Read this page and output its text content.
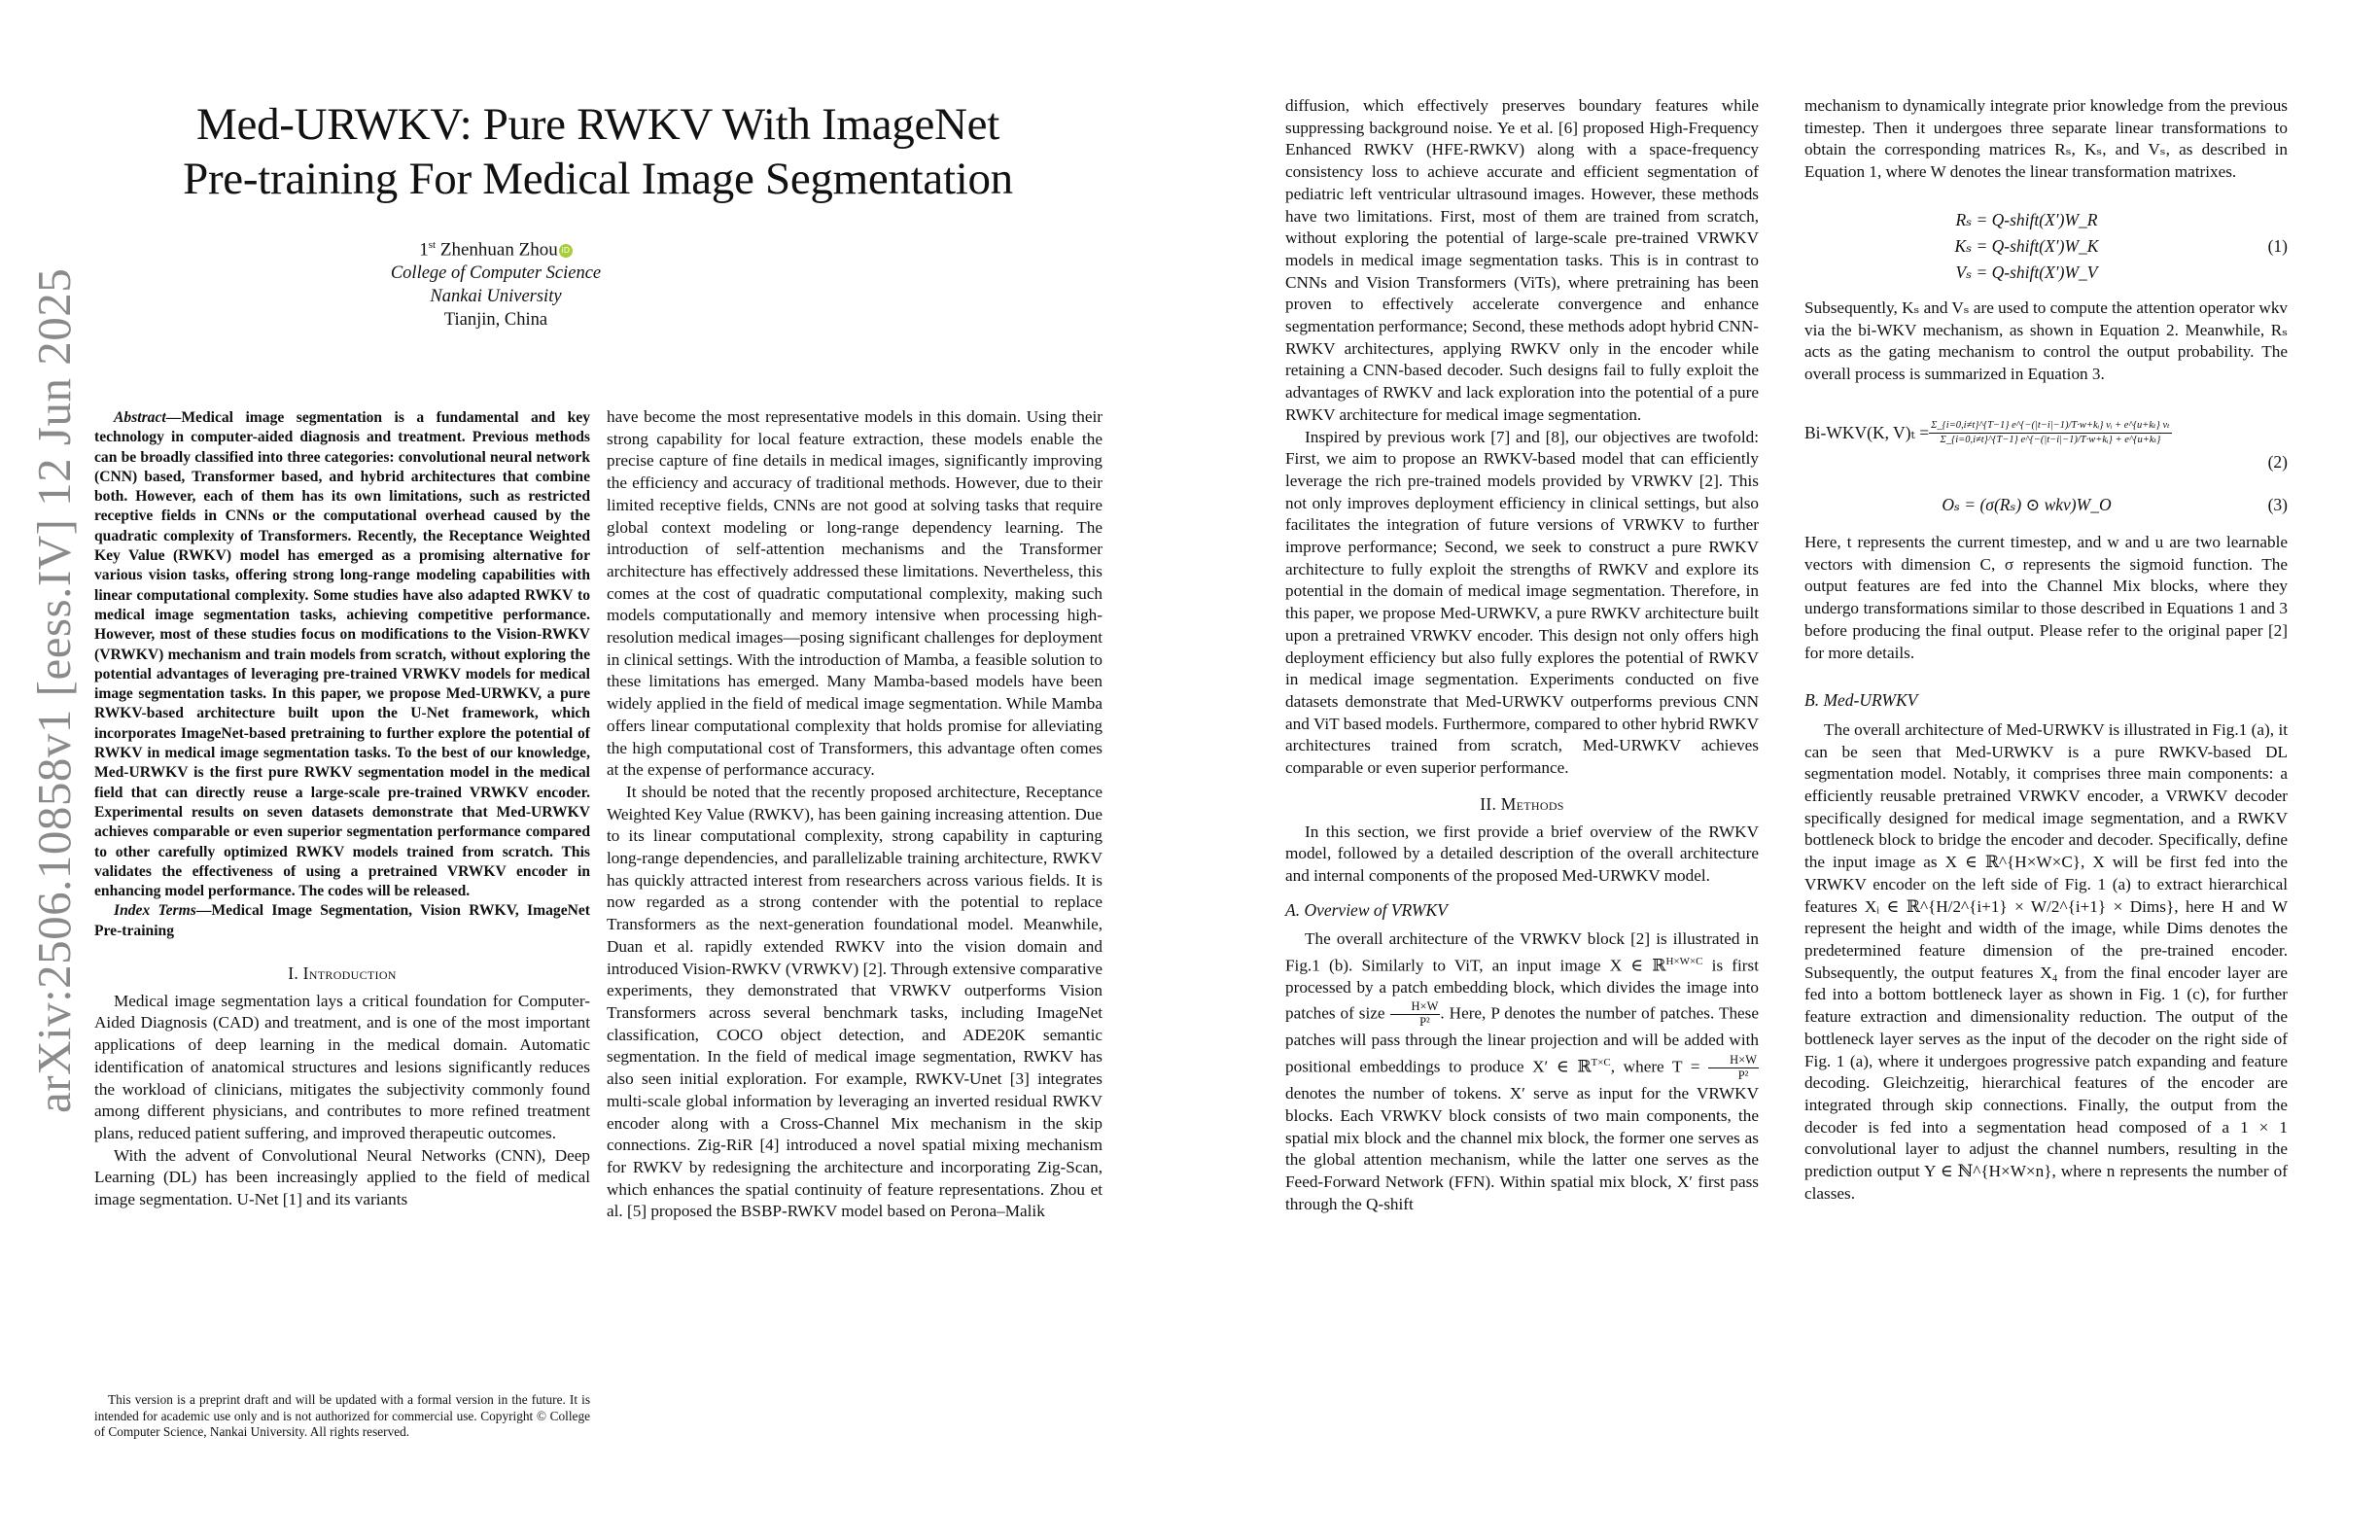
arXiv:2506.10858v1 [eess.IV] 12 Jun 2025
Med-URWKV: Pure RWKV With ImageNet
Pre-training For Medical Image Segmentation
1st Zhenhuan Zhou iD
College of Computer Science
Nankai University
Tianjin, China

Abstract—Medical image segmentation is a fundamental and key technology in computer-aided diagnosis and treatment. Previous methods can be broadly classified into three categories: convolutional neural network (CNN) based, Transformer based, and hybrid architectures that combine both. However, each of them has its own limitations, such as restricted receptive fields in CNNs or the computational overhead caused by the quadratic complexity of Transformers. Recently, the Receptance Weighted Key Value (RWKV) model has emerged as a promising alternative for various vision tasks, offering strong long-range modeling capabilities with linear computational complexity. Some studies have also adapted RWKV to medical image segmentation tasks, achieving competitive performance. However, most of these studies focus on modifications to the Vision-RWKV (VRWKV) mechanism and train models from scratch, without exploring the potential advantages of leveraging pre-trained VRWKV models for medical image segmentation tasks. In this paper, we propose Med-URWKV, a pure RWKV-based architecture built upon the U-Net framework, which incorporates ImageNet-based pretraining to further explore the potential of RWKV in medical image segmentation tasks. To the best of our knowledge, Med-URWKV is the first pure RWKV segmentation model in the medical field that can directly reuse a large-scale pre-trained VRWKV encoder. Experimental results on seven datasets demonstrate that Med-URWKV achieves comparable or even superior segmentation performance compared to other carefully optimized RWKV models trained from scratch. This validates the effectiveness of using a pretrained VRWKV encoder in enhancing model performance. The codes will be released.

Index Terms—Medical Image Segmentation, Vision RWKV, ImageNet Pre-training

I. Introduction

Medical image segmentation lays a critical foundation for Computer-Aided Diagnosis (CAD) and treatment, and is one of the most important applications of deep learning in the medical domain. Automatic identification of anatomical structures and lesions significantly reduces the workload of clinicians, mitigates the subjectivity commonly found among different physicians, and contributes to more refined treatment plans, reduced patient suffering, and improved therapeutic outcomes.

With the advent of Convolutional Neural Networks (CNN), Deep Learning (DL) has been increasingly applied to the field of medical image segmentation. U-Net [1] and its variants

This version is a preprint draft and will be updated with a formal version in the future. It is intended for academic use only and is not authorized for commercial use. Copyright © College of Computer Science, Nankai University. All rights reserved.

have become the most representative models in this domain. Using their strong capability for local feature extraction, these models enable the precise capture of fine details in medical images, significantly improving the efficiency and accuracy of traditional methods. However, due to their limited receptive fields, CNNs are not good at solving tasks that require global context modeling or long-range dependency learning. The introduction of self-attention mechanisms and the Transformer architecture has effectively addressed these limitations. Nevertheless, this comes at the cost of quadratic computational complexity, making such models computationally and memory intensive when processing high-resolution medical images—posing significant challenges for deployment in clinical settings. With the introduction of Mamba, a feasible solution to these limitations has emerged. Many Mamba-based models have been widely applied in the field of medical image segmentation. While Mamba offers linear computational complexity that holds promise for alleviating the high computational cost of Transformers, this advantage often comes at the expense of performance accuracy.

It should be noted that the recently proposed architecture, Receptance Weighted Key Value (RWKV), has been gaining increasing attention. Due to its linear computational complexity, strong capability in capturing long-range dependencies, and parallelizable training architecture, RWKV has quickly attracted interest from researchers across various fields. It is now regarded as a strong contender with the potential to replace Transformers as the next-generation foundational model. Meanwhile, Duan et al. rapidly extended RWKV into the vision domain and introduced Vision-RWKV (VRWKV) [2]. Through extensive comparative experiments, they demonstrated that VRWKV outperforms Vision Transformers across several benchmark tasks, including ImageNet classification, COCO object detection, and ADE20K semantic segmentation. In the field of medical image segmentation, RWKV has also seen initial exploration. For example, RWKV-Unet [3] integrates multi-scale global information by leveraging an inverted residual RWKV encoder along with a Cross-Channel Mix mechanism in the skip connections. Zig-RiR [4] introduced a novel spatial mixing mechanism for RWKV by redesigning the architecture and incorporating Zig-Scan, which enhances the spatial continuity of feature representations. Zhou et al. [5] proposed the BSBP-RWKV model based on Perona–Malik

diffusion, which effectively preserves boundary features while suppressing background noise. Ye et al. [6] proposed High-Frequency Enhanced RWKV (HFE-RWKV) along with a space-frequency consistency loss to achieve accurate and efficient segmentation of pediatric left ventricular ultrasound images. However, these methods have two limitations. First, most of them are trained from scratch, without exploring the potential of large-scale pre-trained VRWKV models in medical image segmentation tasks. This is in contrast to CNNs and Vision Transformers (ViTs), where pretraining has been proven to effectively accelerate convergence and enhance segmentation performance; Second, these methods adopt hybrid CNN-RWKV architectures, applying RWKV only in the encoder while retaining a CNN-based decoder. Such designs fail to fully exploit the advantages of RWKV and lack exploration into the potential of a pure RWKV architecture for medical image segmentation.

Inspired by previous work [7] and [8], our objectives are twofold: First, we aim to propose an RWKV-based model that can efficiently leverage the rich pre-trained models provided by VRWKV [2]. This not only improves deployment efficiency in clinical settings, but also facilitates the integration of future versions of VRWKV to further improve performance; Second, we seek to construct a pure RWKV architecture to fully exploit the strengths of RWKV and explore its potential in the domain of medical image segmentation. Therefore, in this paper, we propose Med-URWKV, a pure RWKV architecture built upon a pretrained VRWKV encoder. This design not only offers high deployment efficiency but also fully explores the potential of RWKV in medical image segmentation. Experiments conducted on five datasets demonstrate that Med-URWKV outperforms previous CNN and ViT based models. Furthermore, compared to other hybrid RWKV architectures trained from scratch, Med-URWKV achieves comparable or even superior performance.

II. Methods

In this section, we first provide a brief overview of the RWKV model, followed by a detailed description of the overall architecture and internal components of the proposed Med-URWKV model.

A. Overview of VRWKV

The overall architecture of the VRWKV block [2] is illustrated in Fig.1 (b). Similarly to ViT, an input image X ∈ ℝ$^{H\times W\times C}$ is first processed by a patch embedding block, which divides the image into patches of size $\frac{H\times W}{\text{P²}}$ . Here, P denotes the number of patches. These patches will pass through the linear projection and will be added with positional embeddings to produce X′ ∈ ℝ$^{T\times C}$, where $T = \frac{H\times W}{\text{P²}}$
denotes the number of tokens. X′ serve as input for the VRWKV blocks. Each VRWKV block consists of two main components, the spatial mix block and the channel mix block, the former one serves as the global attention mechanism, while the latter one serves as the Feed-Forward Network (FFN). Within spatial mix block, X′ first pass through the Q-shift

mechanism to dynamically integrate prior knowledge from the previous timestep. Then it undergoes three separate linear transformations to obtain the corresponding matrices Rₛ, Kₛ, and Vₛ, as described in Equation 1, where W denotes the linear transformation matrixes.

Rₛ = Q-shift(X′)W_R
Kₛ = Q-shift(X′)W_K
Vₛ = Q-shift(X′)W_V
(1)

Subsequently, Kₛ and Vₛ are used to compute the attention operator wkv via the bi-WKV mechanism, as shown in Equation 2. Meanwhile, Rₛ acts as the gating mechanism to control the output probability. The overall process is summarized in Equation 3.

Bi-WKV(K, $V)_t = \frac{\text{Σ\_\{i=0,i≠t\}\textasciicircum{}\{T−1\} e\textasciicircum{}\{−(|t−i|−1)/T·w+kᵢ\} vᵢ + e\textasciicircum{}\{u+kₜ\} vₜ}}{\text{Σ\_\{i=0,i≠t\}\textasciicircum{}\{T−1\} e\textasciicircum{}\{−(|t−i|−1)/T·w+kᵢ\} + e\textasciicircum{}\{u+kₜ\}}}$
(2)
Oₛ = (σ(Rₛ) ⊙ wkv)W_O	(3)

Here, t represents the current timestep, and w and u are two learnable vectors with dimension C, σ represents the sigmoid function. The output features are fed into the Channel Mix blocks, where they undergo transformations similar to those described in Equations 1 and 3 before producing the final output. Please refer to the original paper [2] for more details.

B. Med-URWKV

The overall architecture of Med-URWKV is illustrated in Fig.1 (a), it can be seen that Med-URWKV is a pure RWKV-based DL segmentation model. Notably, it comprises three main components: a efficiently reusable pretrained VRWKV encoder, a VRWKV decoder specifically designed for medical image segmentation, and a RWKV bottleneck block to bridge the encoder and decoder. Specifically, define the input image as X ∈ ℝ^{H×W×C}, X will be first fed into the VRWKV encoder on the left side of Fig. 1 (a) to extract hierarchical features Xᵢ ∈ ℝ^{H/2^{i+1} × W/2^{i+1} × Dims}, here H and W represent the height and width of the image, while Dims denotes the predetermined feature dimension of the pre-trained encoder. Subsequently, the output features X₄ from the final encoder layer are fed into a bottom bottleneck layer as shown in Fig. 1 (c), for further feature extraction and dimensionality reduction. The output of the bottleneck layer serves as the input of the decoder on the right side of Fig. 1 (a), where it undergoes progressive patch expanding and feature decoding. Gleichzeitig, hierarchical features of the encoder are integrated through skip connections. Finally, the output from the decoder is fed into a segmentation head composed of a 1 × 1 convolutional layer to adjust the channel numbers, resulting in the prediction output Y ∈ ℕ^{H×W×n}, where n represents the number of classes.
